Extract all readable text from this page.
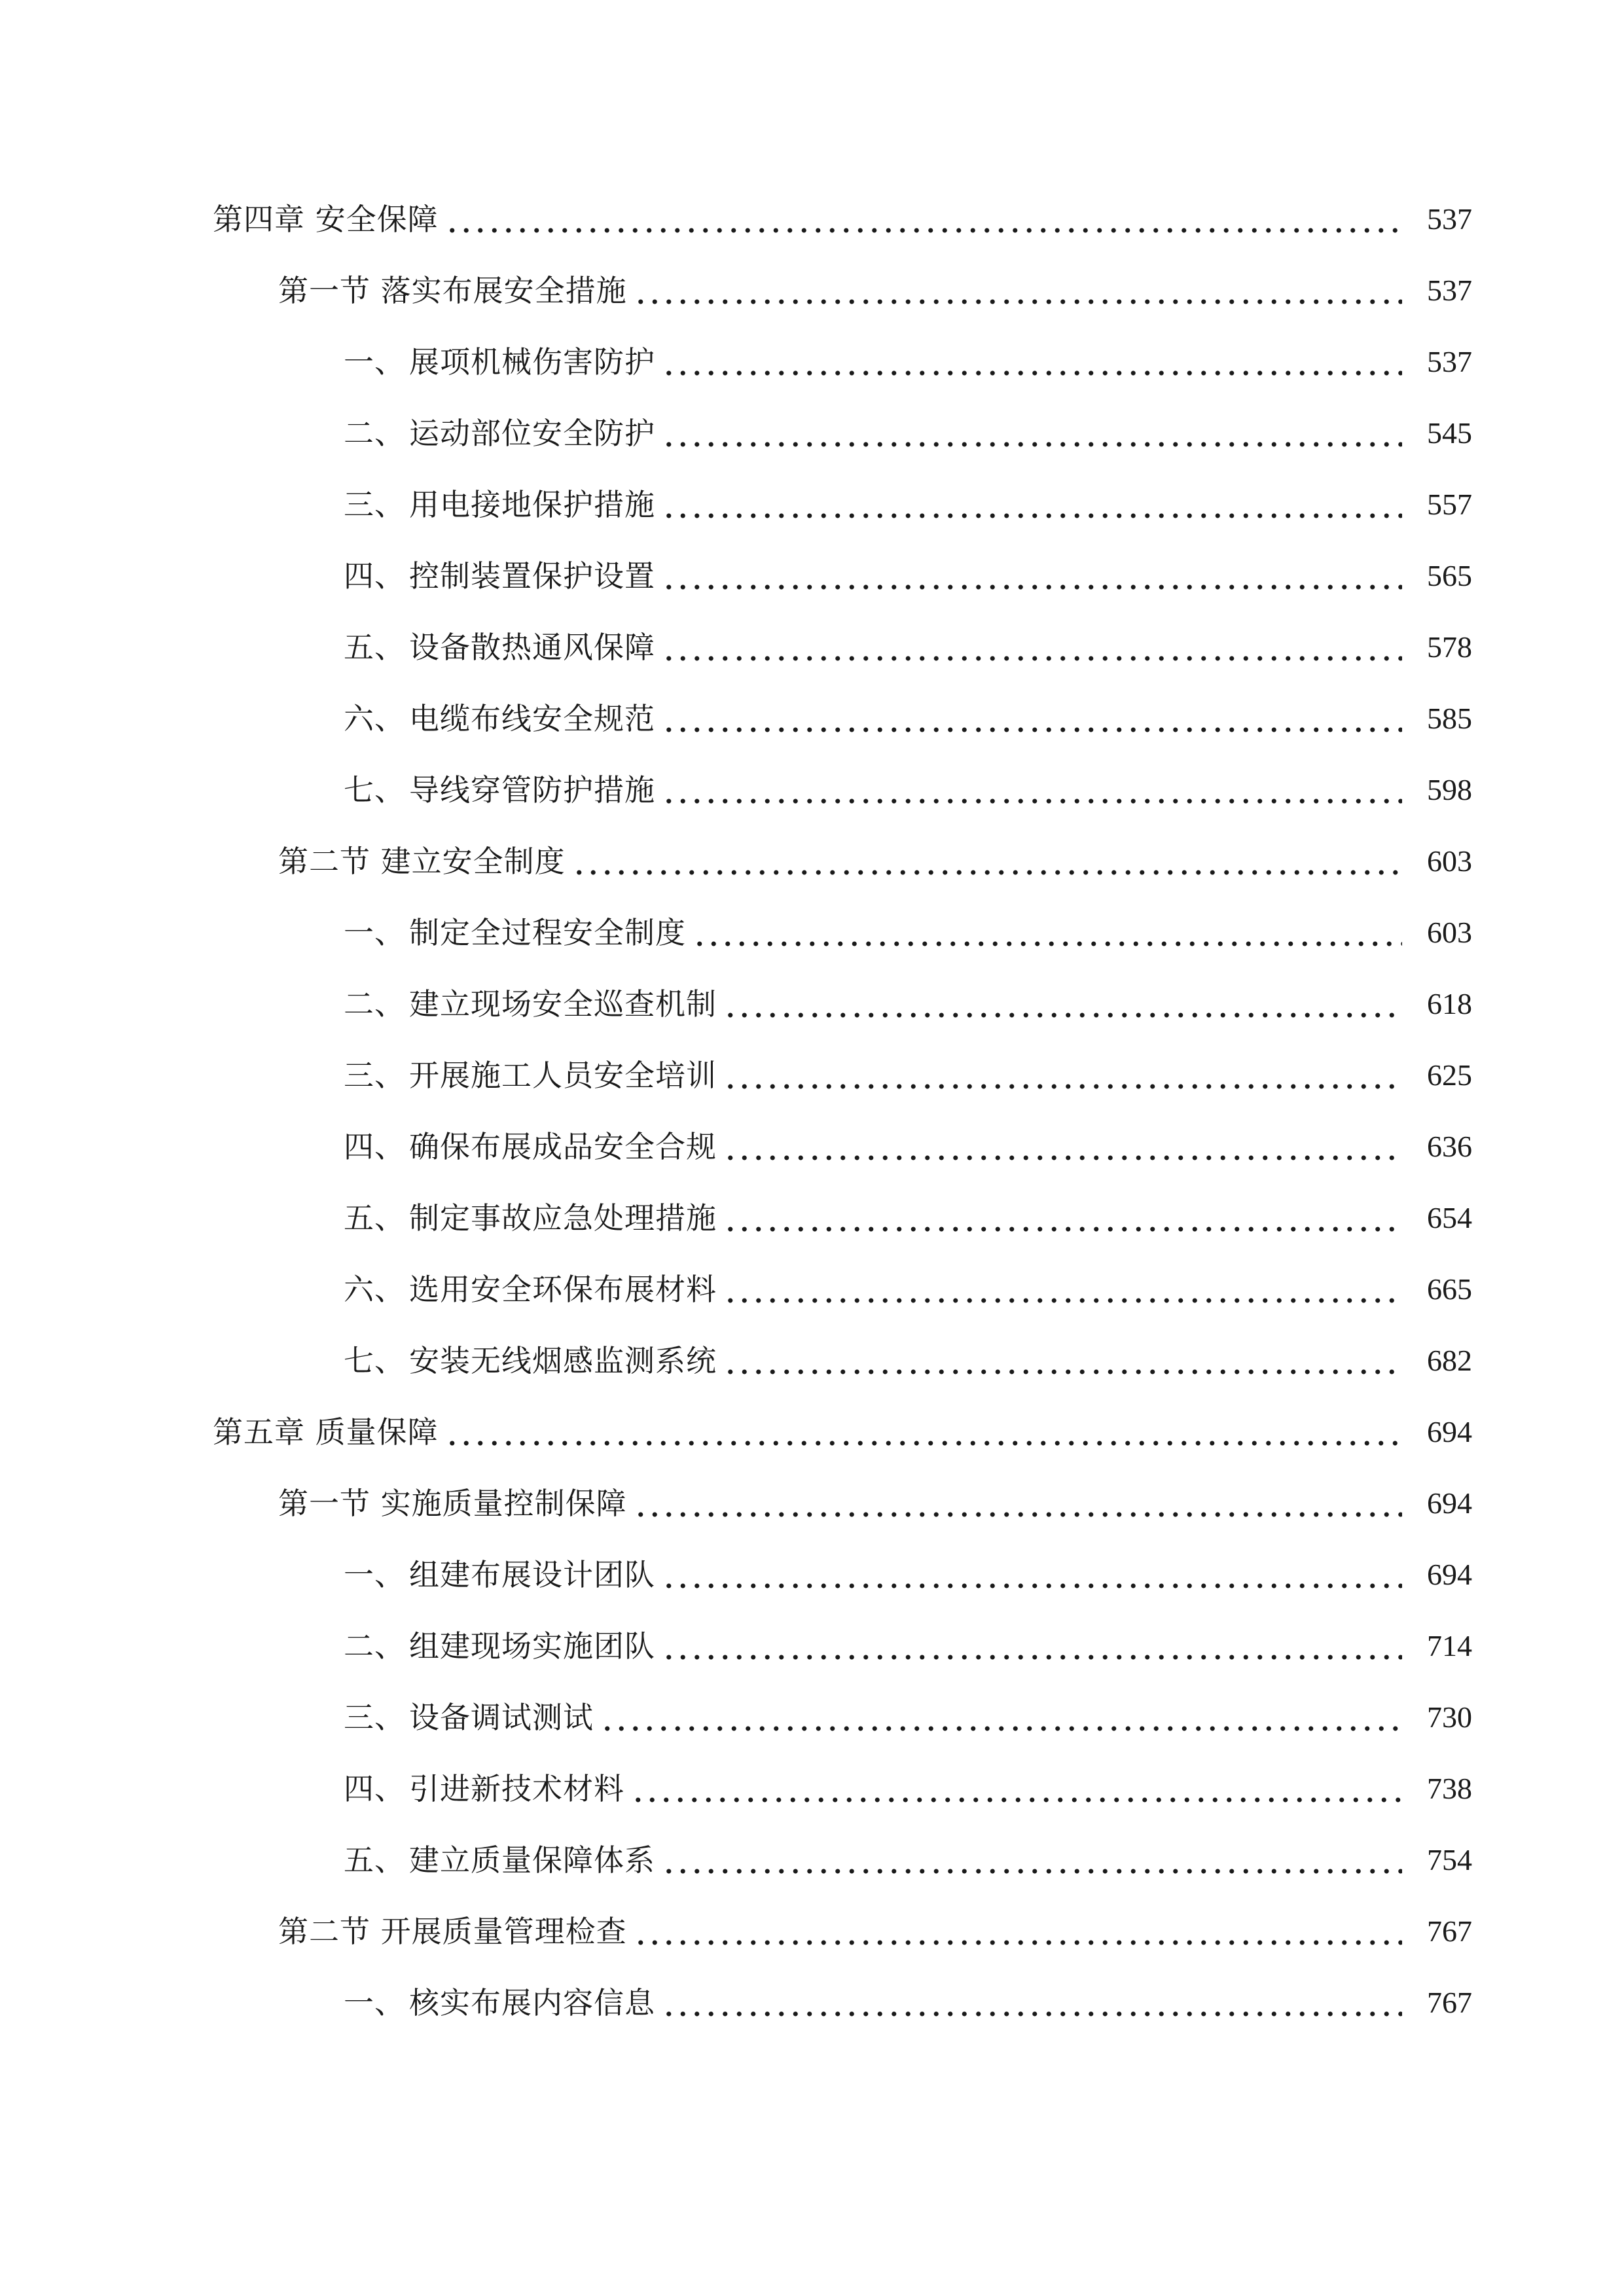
第四章 安全保障	537
第一节 落实布展安全措施	537
一、 展项机械伤害防护	537
二、 运动部位安全防护	545
三、 用电接地保护措施	557
四、 控制装置保护设置	565
五、 设备散热通风保障	578
六、 电缆布线安全规范	585
七、 导线穿管防护措施	598
第二节 建立安全制度	603
一、 制定全过程安全制度	603
二、 建立现场安全巡查机制	618
三、 开展施工人员安全培训	625
四、 确保布展成品安全合规	636
五、 制定事故应急处理措施	654
六、 选用安全环保布展材料	665
七、 安装无线烟感监测系统	682
第五章 质量保障	694
第一节 实施质量控制保障	694
一、 组建布展设计团队	694
二、 组建现场实施团队	714
三、 设备调试测试	730
四、 引进新技术材料	738
五、 建立质量保障体系	754
第二节 开展质量管理检查	767
一、 核实布展内容信息	767
